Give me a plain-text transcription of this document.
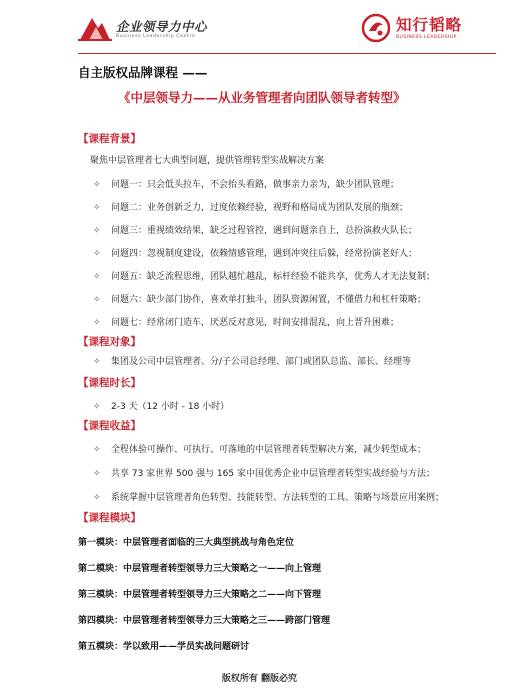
企业领导力中心
Business Leadership Centre
知行韬略
BUSINESS LEADERSHIP
自主版权品牌课程 ——
《中层领导力——从业务管理者向团队领导者转型》
【课程背景】
聚焦中层管理者七大典型问题，提供管理转型实战解决方案
✧ 问题一：只会低头拉车，不会抬头看路，做事亲力亲为，缺少团队管理；
✧ 问题二：业务创新乏力，过度依赖经验，视野和格局成为团队发展的瓶颈；
✧ 问题三：重视绩效结果，缺乏过程管控，遇到问题亲自上，总扮演救火队长；
✧ 问题四：忽视制度建设，依赖情感管理，遇到冲突往后躲，经常扮演老好人；
✧ 问题五：缺乏流程思维，团队越忙越乱，标杆经验不能共享，优秀人才无法复制；
✧ 问题六：缺少部门协作，喜欢单打独斗，团队资源闲置，不懂借力和杠杆策略；
✧ 问题七：经常闭门造车，厌恶反对意见，时间安排混乱，向上晋升困难；
【课程对象】
✧ 集团及公司中层管理者、分/子公司总经理、部门或团队总监、部长、经理等
【课程时长】
✧ 2-3 天（12 小时 - 18 小时）
【课程收益】
✧ 全程体验可操作、可执行、可落地的中层管理者转型解决方案，减少转型成本；
✧ 共享 73 家世界 500 强与 165 家中国优秀企业中层管理者转型实战经验与方法；
✧ 系统掌握中层管理者角色转型、技能转型、方法转型的工具、策略与场景应用案例；
【课程模块】
第一模块：中层管理者面临的三大典型挑战与角色定位
第二模块：中层管理者转型领导力三大策略之一——向上管理
第三模块：中层管理者转型领导力三大策略之二——向下管理
第四模块：中层管理者转型领导力三大策略之三——跨部门管理
第五模块：学以致用——学员实战问题研讨
版权所有 翻版必究
